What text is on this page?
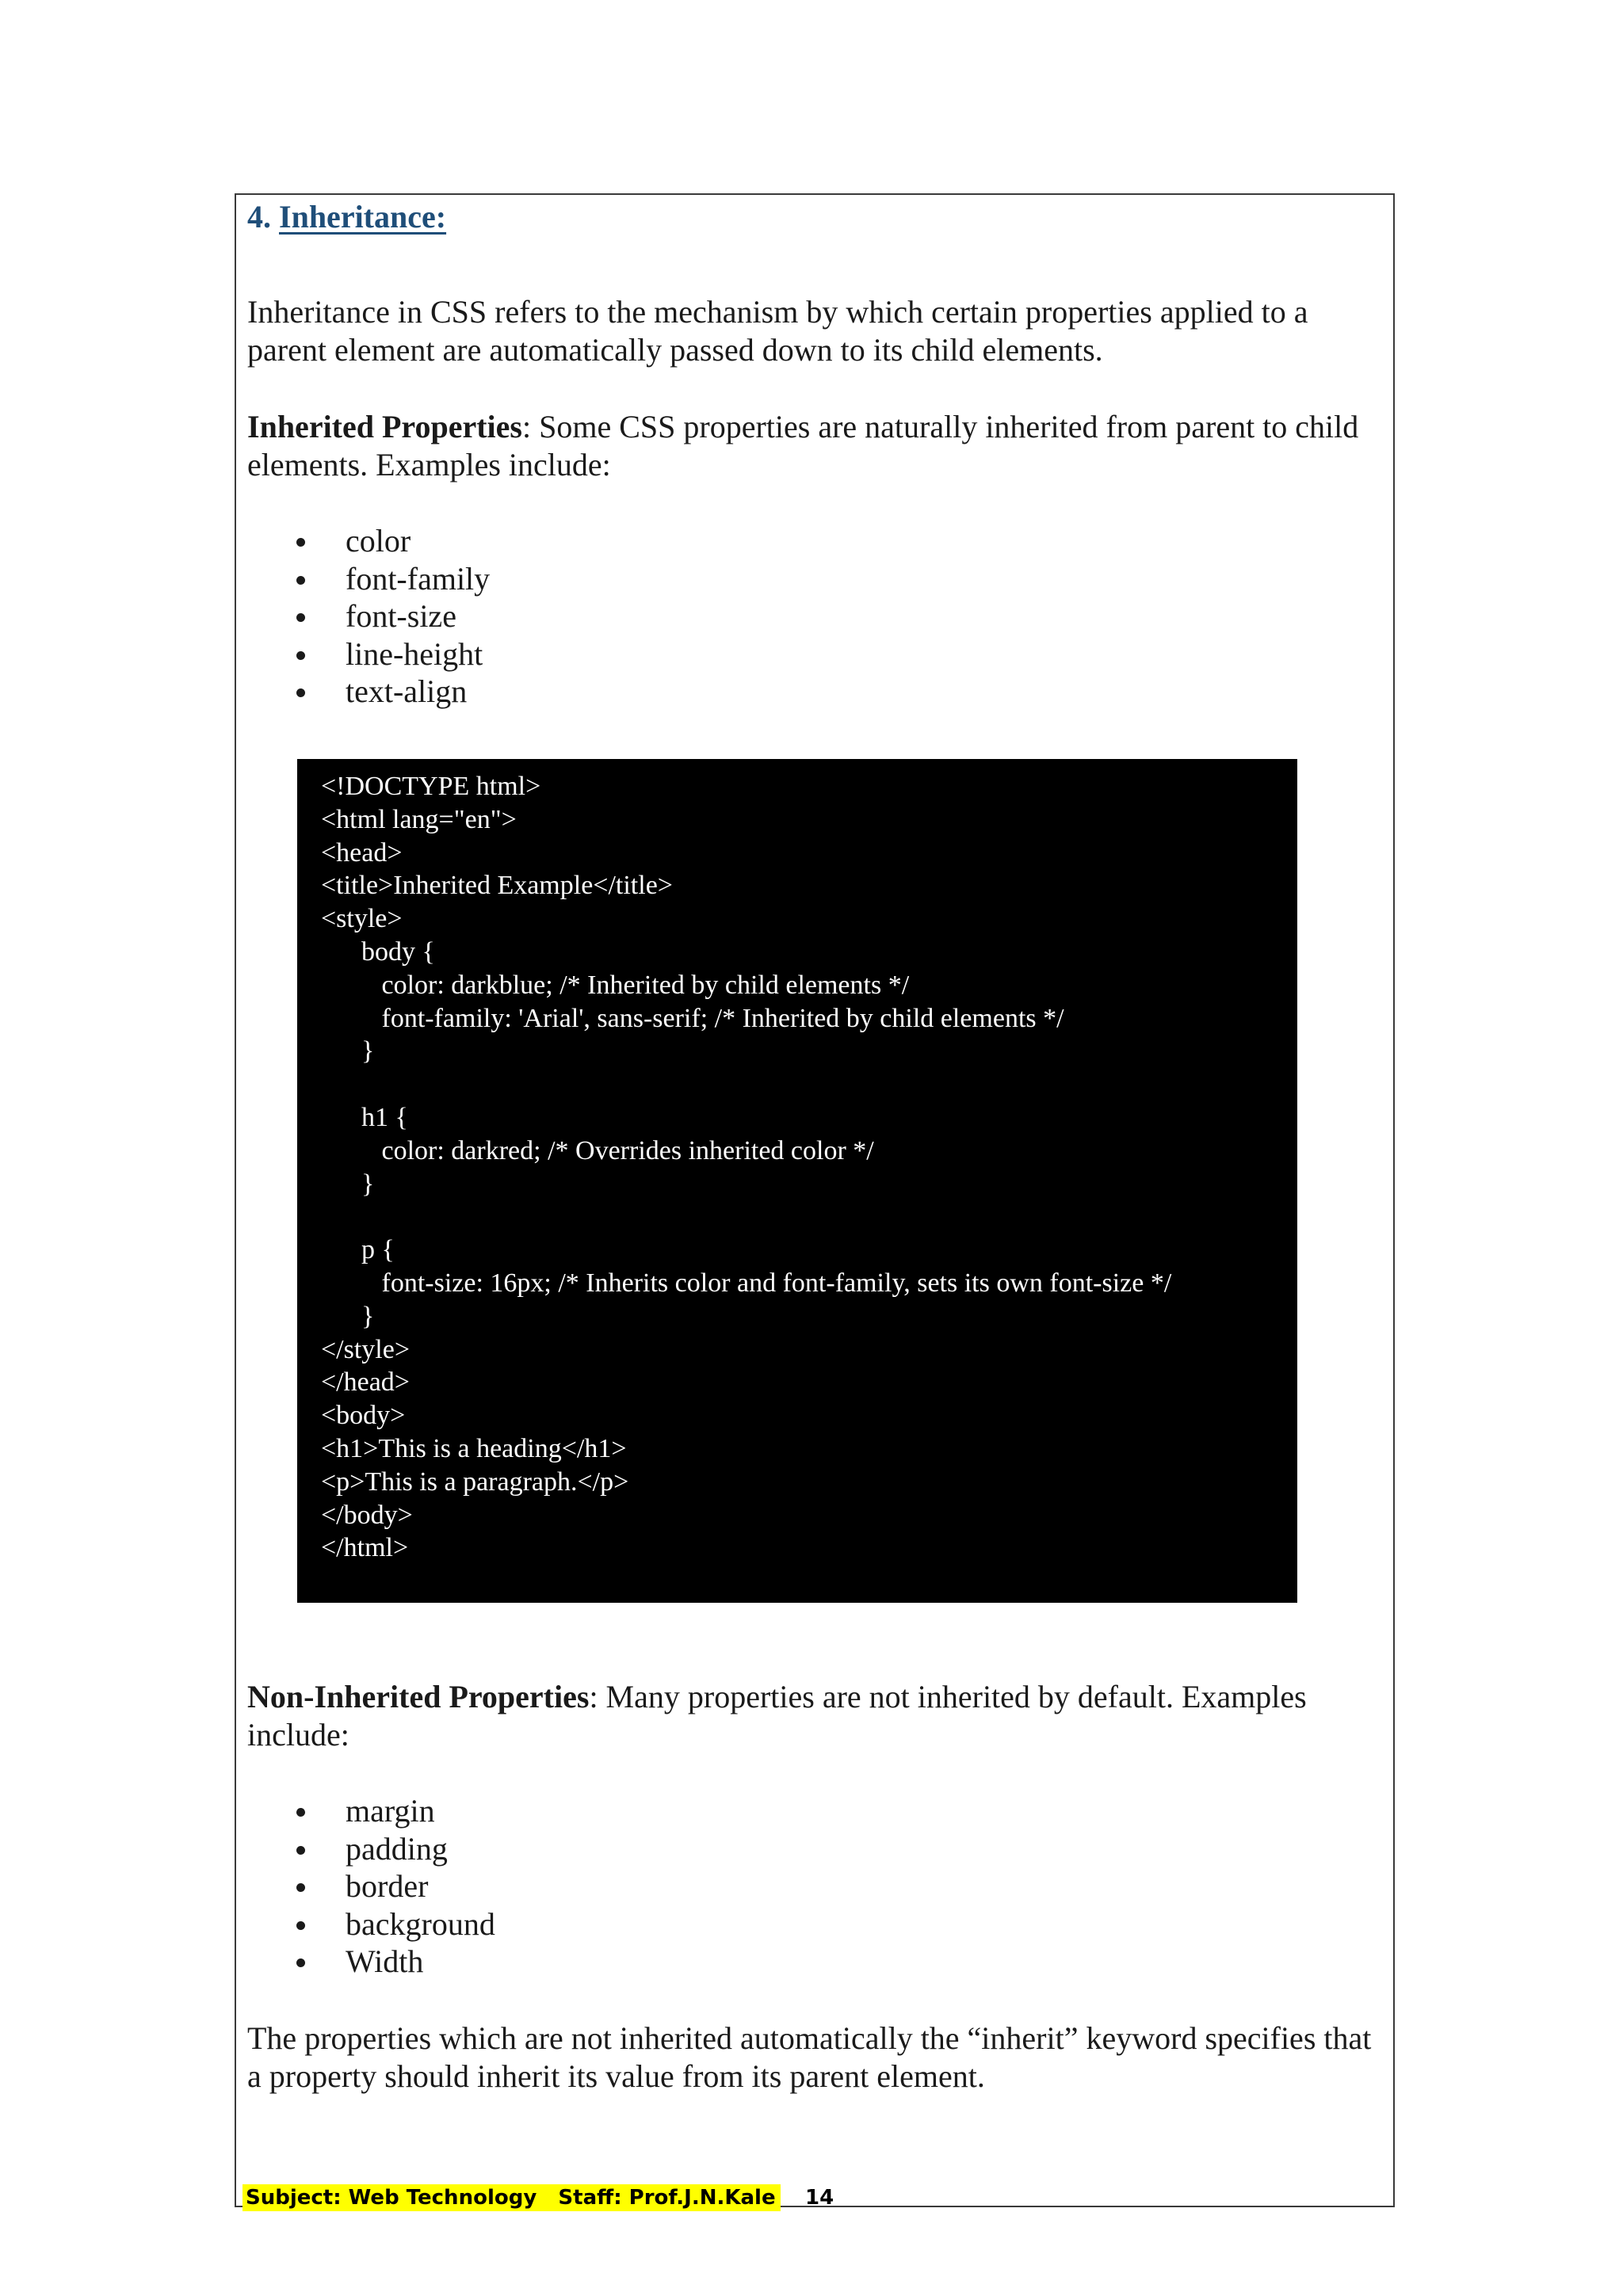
4. Inheritance:

Inheritance in CSS refers to the mechanism by which certain properties applied to a parent element are automatically passed down to its child elements.

Inherited Properties: Some CSS properties are naturally inherited from parent to child elements. Examples include:

color
font-family
font-size
line-height
text-align
<!DOCTYPE html>
<html lang="en">
<head>
<title>Inherited Example</title>
<style>
body {
color: darkblue; /* Inherited by child elements */
font-family: 'Arial', sans-serif; /* Inherited by child elements */
}
h1 {
color: darkred; /* Overrides inherited color */
}
p {
font-size: 16px; /* Inherits color and font-family, sets its own font-size */
}
</style>
</head>
<body>
<h1>This is a heading</h1>
<p>This is a paragraph.</p>
</body>
</html>

Non-Inherited Properties: Many properties are not inherited by default. Examples include:

margin
padding
border
background
Width

The properties which are not inherited automatically the “inherit” keyword specifies that a property should inherit its value from its parent element.

Subject: Web Technology   Staff: Prof.J.N.Kale 14
